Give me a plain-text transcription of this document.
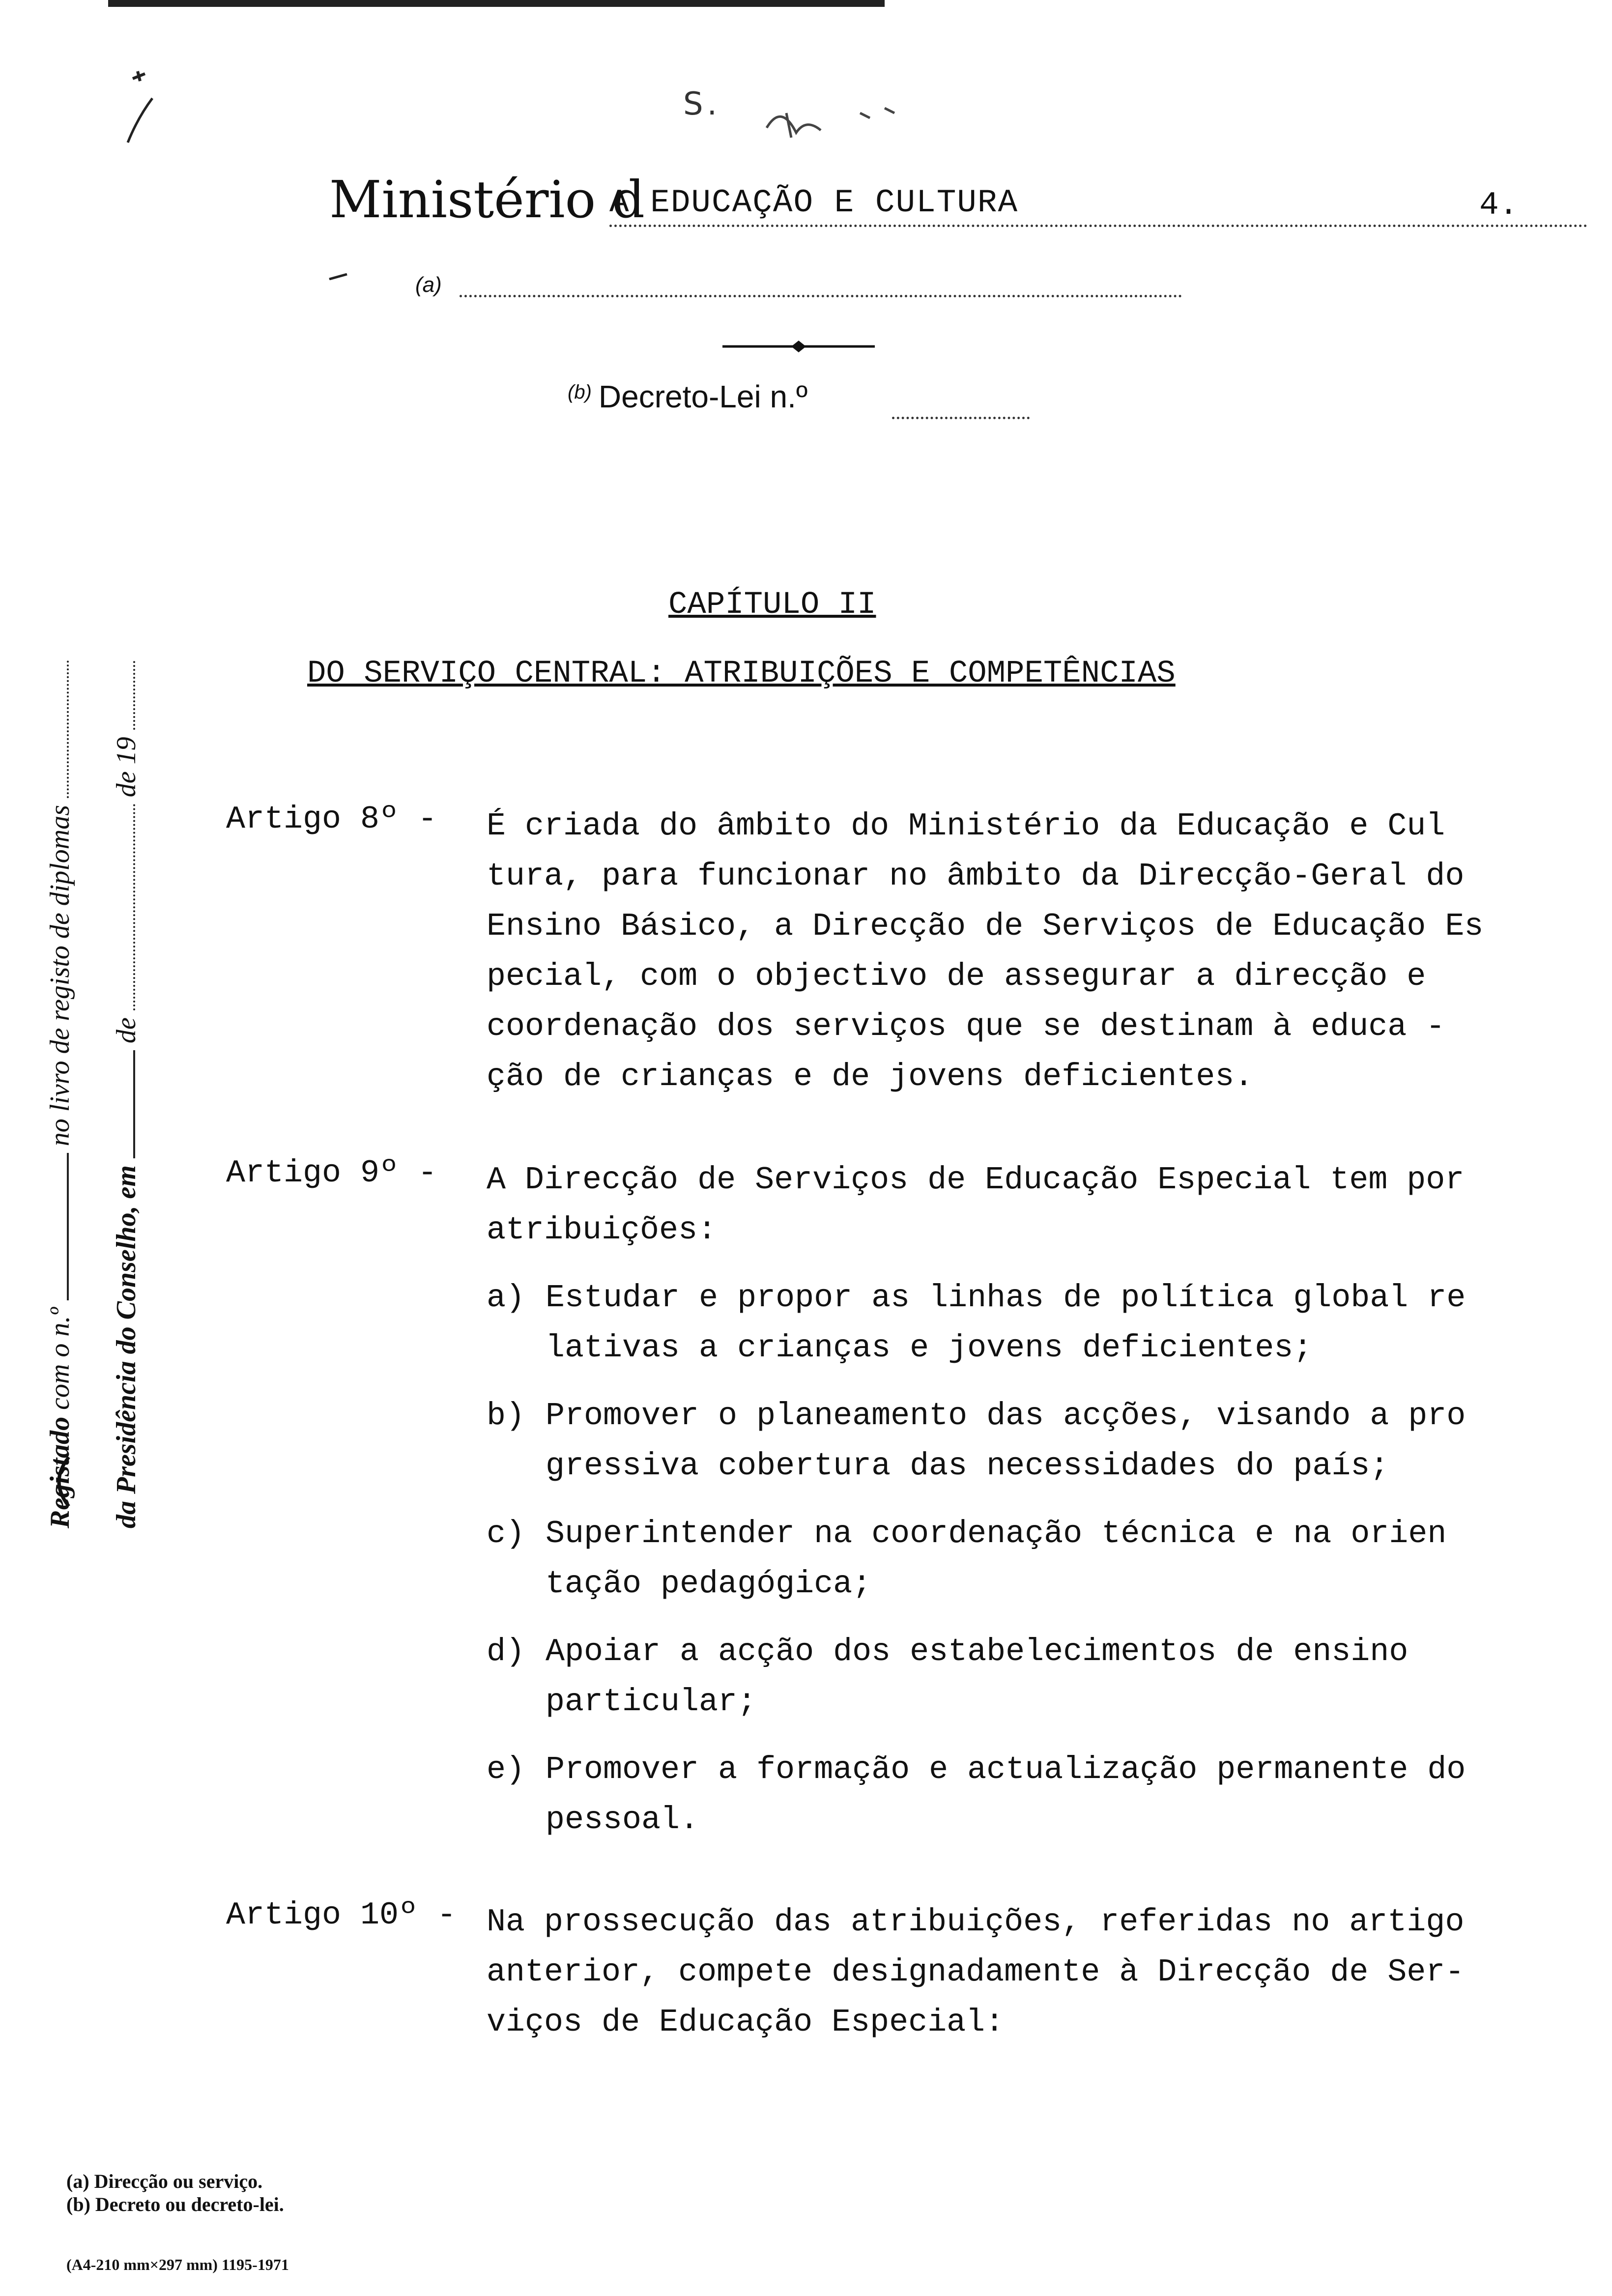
S.
Ministério d
A EDUCAÇÃO E CULTURA	4.
(a)
$^{(b)}$ Decreto-Lei n.º
Registado com o n.º  no livro de registo de diplomas
da Presidência do Conselho, em  de  de 19
CAPÍTULO II
DO SERVIÇO CENTRAL: ATRIBUIÇÕES E COMPETÊNCIAS
Artigo 8º - É criada do âmbito do Ministério da Educação e Cul
tura, para funcionar no âmbito da Direcção-Geral do
Ensino Básico, a Direcção de Serviços de Educação Es
pecial, com o objectivo de assegurar a direcção e
coordenação dos serviços que se destinam à educa -
ção de crianças e de jovens deficientes.
Artigo 9º - A Direcção de Serviços de Educação Especial tem por
atribuições:
a) Estudar e propor as linhas de política global re
lativas a crianças e jovens deficientes;
b) Promover o planeamento das acções, visando a pro
gressiva cobertura das necessidades do país;
c) Superintender na coordenação técnica e na orien
tação pedagógica;
d) Apoiar a acção dos estabelecimentos de ensino
particular;
e) Promover a formação e actualização permanente do
pessoal.
Artigo 10º - Na prossecução das atribuições, referidas no artigo
anterior, compete designadamente à Direcção de Ser-
viços de Educação Especial:
(a) Direcção ou serviço.
(b) Decreto ou decreto-lei.
(A4-210 mm×297 mm) 1195-1971
